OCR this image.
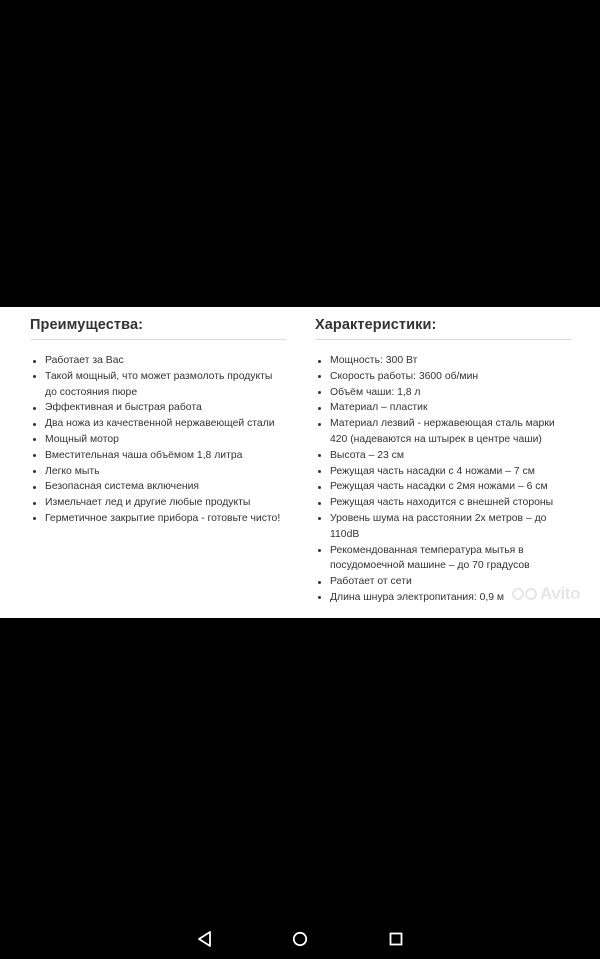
Преимущества:
Работает за Вас
Такой мощный, что может размолоть продукты до состояния пюре
Эффективная и быстрая работа
Два ножа из качественной нержавеющей стали
Мощный мотор
Вместительная чаша объёмом 1,8 литра
Легко мыть
Безопасная система включения
Измельчает лед и другие любые продукты
Герметичное закрытие прибора - готовьте чисто!
Характеристики:
Мощность: 300 Вт
Скорость работы: 3600 об/мин
Объём чаши: 1,8 л
Материал – пластик
Материал лезвий - нержавеющая сталь марки 420 (надеваются на штырек в центре чаши)
Высота – 23 см
Режущая часть насадки с 4 ножами – 7 см
Режущая часть насадки с 2мя ножами – 6 см
Режущая часть находится с внешней стороны
Уровень шума на расстоянии 2х метров – до 110dB
Рекомендованная температура мытья в посудомоечной машине – до 70 градусов
Работает от сети
Длина шнура электропитания: 0,9 м	Avito
